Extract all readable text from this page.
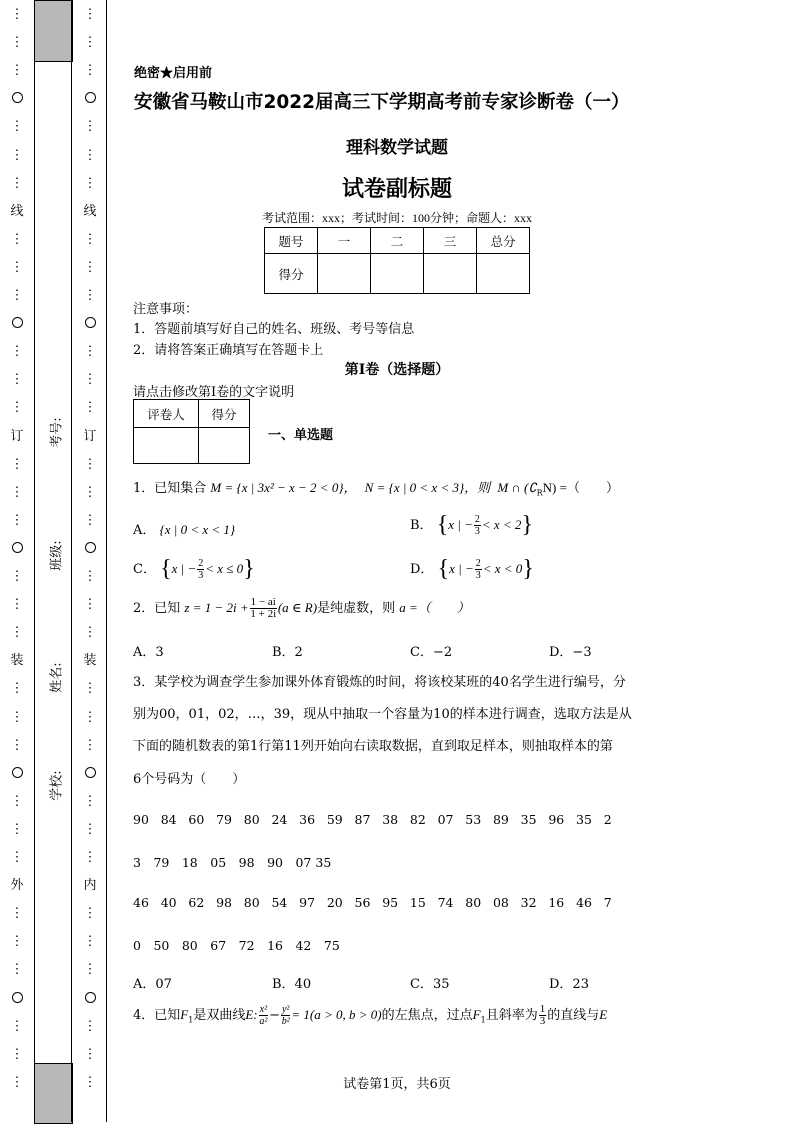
⋮
⋮
⋮
⋮
⋮
⋮
线
⋮
⋮
⋮
⋮
⋮
⋮
订
⋮
⋮
⋮
⋮
⋮
⋮
装
⋮
⋮
⋮
⋮
⋮
⋮
外
⋮
⋮
⋮
⋮
⋮
⋮
⋮
⋮
⋮
⋮
⋮
⋮
线
⋮
⋮
⋮
⋮
⋮
⋮
订
⋮
⋮
⋮
⋮
⋮
⋮
装
⋮
⋮
⋮
⋮
⋮
⋮
内
⋮
⋮
⋮
⋮
⋮
⋮
考号:
班级:
姓名:
学校:
绝密★启用前
安徽省马鞍山市2022届高三下学期高考前专家诊断卷（一）
理科数学试题
试卷副标题
考试范围：xxx；考试时间：100分钟；命题人：xxx
题号	一	二	三	总分
得分				
注意事项：
1．答题前填写好自己的姓名、班级、考号等信息
2．请将答案正确填写在答题卡上
第I卷（选择题）
请点击修改第I卷的文字说明
评卷人	得分

一、单选题
1．已知集合 M = {x | 3x² − x − 2 < 0}， N = {x | 0 < x < 3}，则 M ∩ $(∁_RN)$ =（　　）
A． {x | 0 < x < 1}	B． {x | − $\frac{2}{3} < x < 2$}
C． {x | − $\frac{2}{3} < x \le 0$}	D． {x | − $\frac{2}{3} < x < 0$}
2．已知 $z = 1 - 2i + \frac{1 - ai}{1 + 2i} (a$ ∈ R)是纯虚数，则 a =（　　）
A．3	B．2	C．−2	D．−3
3．某学校为调查学生参加课外体育锻炼的时间，将该校某班的40名学生进行编号，分
别为00，01，02，…，39，现从中抽取一个容量为10的样本进行调查，选取方法是从
下面的随机数表的第1行第11列开始向右读取数据，直到取足样本，则抽取样本的第
6个号码为（　　）
90 84 60 79 80 24 36 59 87 38 82 07 53 89 35 96 35 2
3　79　18　05　98　90　07 35
46 40 62 98 80 54 97 20 56 95 15 74 80 08 32 16 46 7
0　50　80　67　72　16　42　75
A．07	B．40	C．35	D．23
4．已知$F_1$是双曲线E: $\frac{\text{x²}}{\text{a²}} - \frac{\text{y²}}{\text{b²}} = 1(a > 0$, b > 0)的左焦点，过点$F_1$且斜率为 $\frac{1}{3}$ 的直线与E
试卷第1页，共6页
